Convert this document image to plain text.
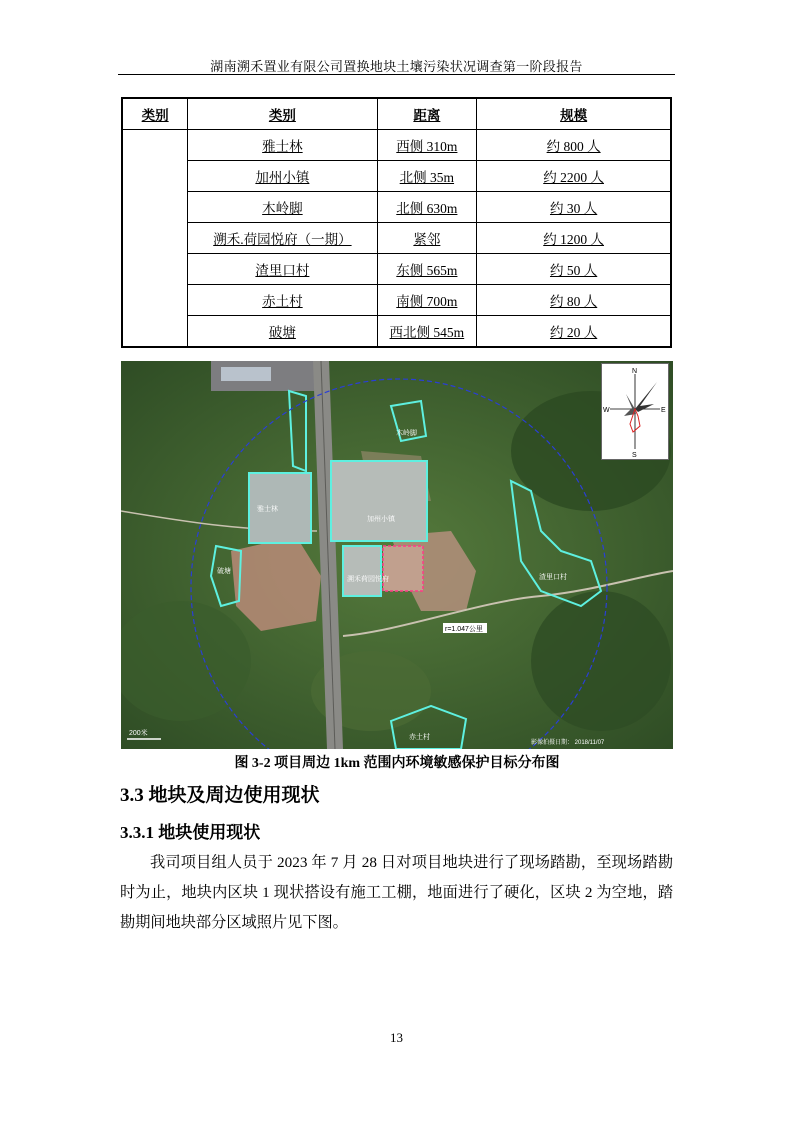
湖南溯禾置业有限公司置换地块土壤污染状况调查第一阶段报告
类别	类别	距离	规模
	雅士林	西侧 310m	约 800 人
	加州小镇	北侧 35m	约 2200 人
	木岭脚	北侧 630m	约 30 人
	溯禾.荷园悦府（一期）	紧邻	约 1200 人
	渣里口村	东侧 565m	约 50 人
	赤土村	南侧 700m	约 80 人
	破塘	西北侧 545m	约 20 人
雅士林
加州小镇
木岭脚
渣里口村
赤土村
破塘
溯禾荷园悦府
r=1.047公里
200米
影像拍摄日期： 2018/11/07
N
S
E
W
图 3-2 项目周边 1km 范围内环境敏感保护目标分布图
3.3 地块及周边使用现状
3.3.1 地块使用现状
我司项目组人员于 2023 年 7 月 28 日对项目地块进行了现场踏勘，至现场踏勘时为止，地块内区块 1 现状搭设有施工工棚，地面进行了硬化，区块 2 为空地，踏勘期间地块部分区域照片见下图。
13
